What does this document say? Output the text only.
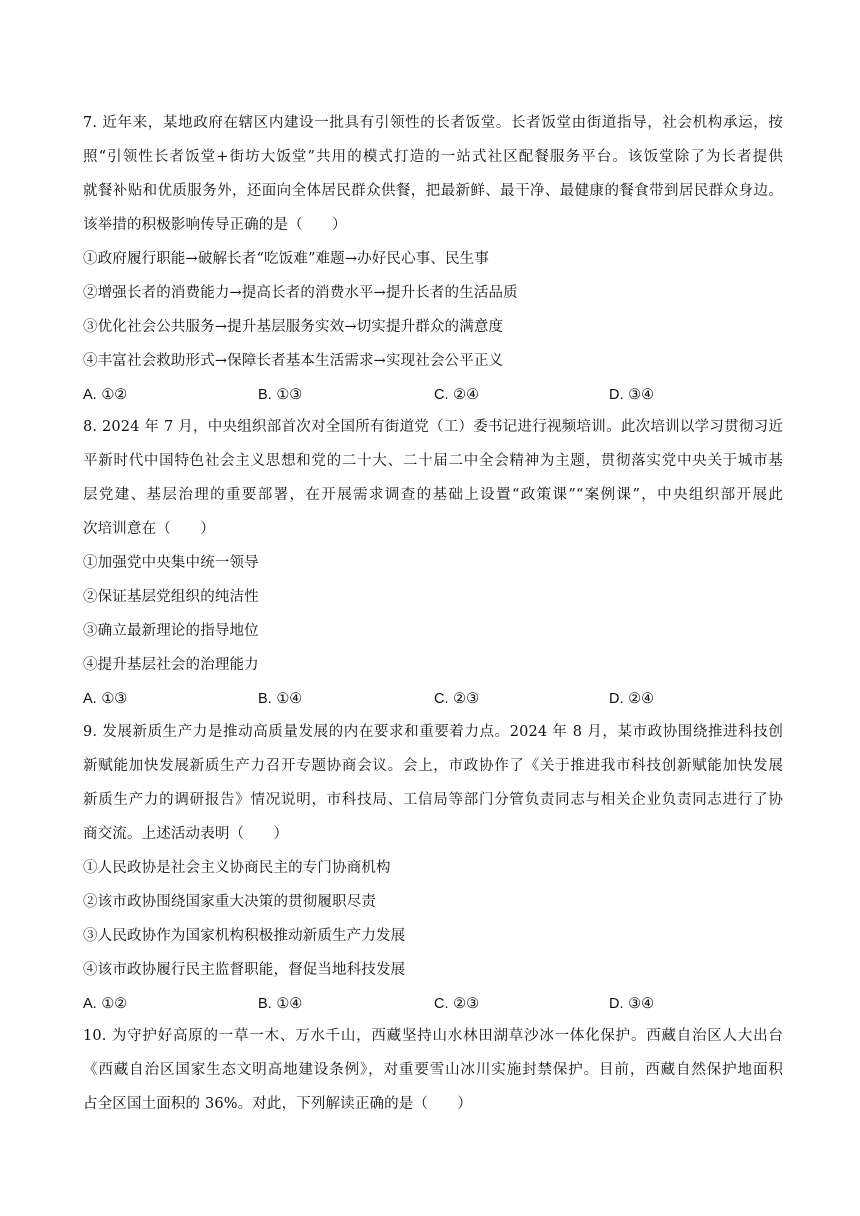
7. 近年来，某地政府在辖区内建设一批具有引领性的长者饭堂。长者饭堂由街道指导，社会机构承运，按
照“引领性长者饭堂+街坊大饭堂”共用的模式打造的一站式社区配餐服务平台。该饭堂除了为长者提供
就餐补贴和优质服务外，还面向全体居民群众供餐，把最新鲜、最干净、最健康的餐食带到居民群众身边。
该举措的积极影响传导正确的是（　　）
①政府履行职能→破解长者“吃饭难”难题→办好民心事、民生事
②增强长者的消费能力→提高长者的消费水平→提升长者的生活品质
③优化社会公共服务→提升基层服务实效→切实提升群众的满意度
④丰富社会救助形式→保障长者基本生活需求→实现社会公平正义
A. ①②	B. ①③	C. ②④	D. ③④
8. 2024 年 7 月，中央组织部首次对全国所有街道党（工）委书记进行视频培训。此次培训以学习贯彻习近
平新时代中国特色社会主义思想和党的二十大、二十届二中全会精神为主题，贯彻落实党中央关于城市基
层党建、基层治理的重要部署，在开展需求调查的基础上设置“政策课”“案例课”，中央组织部开展此
次培训意在（　　）
①加强党中央集中统一领导
②保证基层党组织的纯洁性
③确立最新理论的指导地位
④提升基层社会的治理能力
A. ①③	B. ①④	C. ②③	D. ②④
9. 发展新质生产力是推动高质量发展的内在要求和重要着力点。2024 年 8 月，某市政协围绕推进科技创
新赋能加快发展新质生产力召开专题协商会议。会上，市政协作了《关于推进我市科技创新赋能加快发展
新质生产力的调研报告》情况说明，市科技局、工信局等部门分管负责同志与相关企业负责同志进行了协
商交流。上述活动表明（　　）
①人民政协是社会主义协商民主的专门协商机构
②该市政协围绕国家重大决策的贯彻履职尽责
③人民政协作为国家机构积极推动新质生产力发展
④该市政协履行民主监督职能，督促当地科技发展
A. ①②	B. ①④	C. ②③	D. ③④
10. 为守护好高原的一草一木、万水千山，西藏坚持山水林田湖草沙冰一体化保护。西藏自治区人大出台
《西藏自治区国家生态文明高地建设条例》，对重要雪山冰川实施封禁保护。目前，西藏自然保护地面积
占全区国土面积的 36%。对此，下列解读正确的是（　　）
